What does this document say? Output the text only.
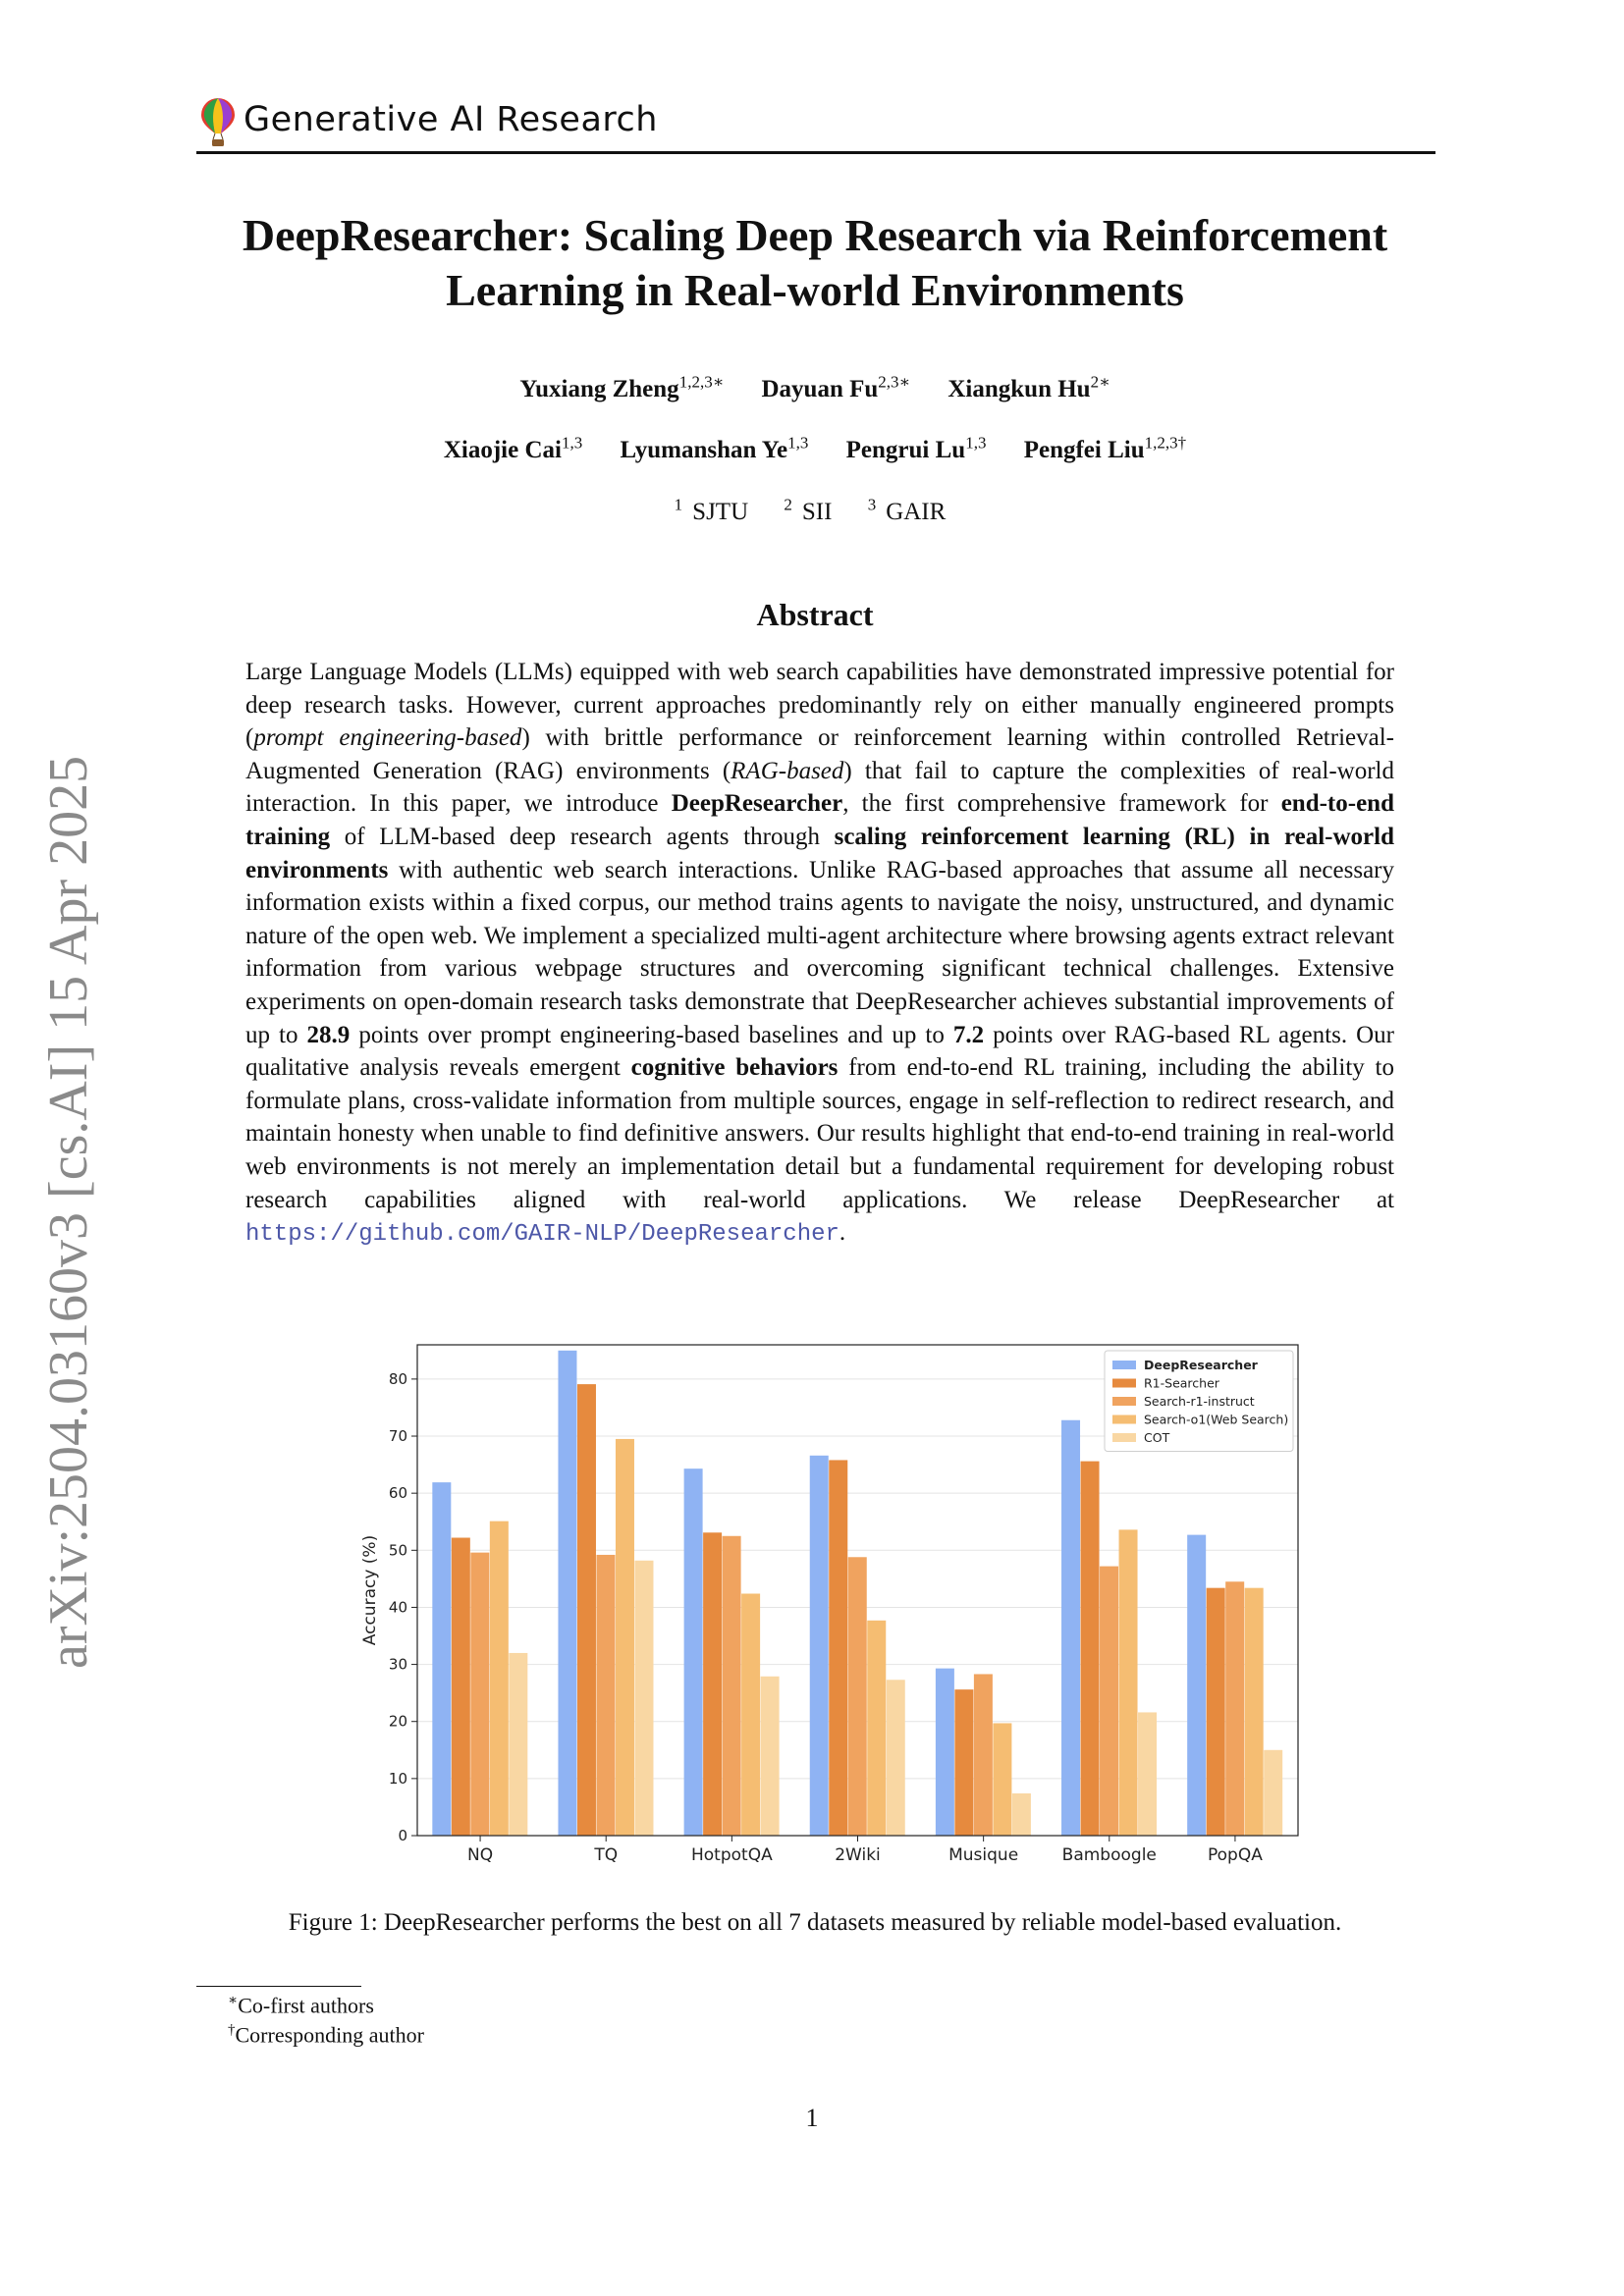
Generative AI Research
arXiv:2504.03160v3 [cs.AI] 15 Apr 2025
DeepResearcher: Scaling Deep Research via Reinforcement
Learning in Real-world Environments
Yuxiang Zheng$^{1,2,3∗}$ Dayuan $Fu^{2,3∗}$ Xiangkun $Hu^{2∗}$
Xiaojie Cai$^{1,3}$ Lyumanshan Ye$^{1,3}$ Pengrui Lu$^{1,3}$ Pengfei Liu$^{1,2,3\dagger}$
$^1$ SJTU $^2$ SII $^3$ GAIR
Abstract
Large Language Models (LLMs) equipped with web search capabilities have demonstrated impressive potential for deep research tasks. However, current approaches predominantly rely on either manually engineered prompts (prompt engineering-based) with brittle performance or reinforcement learning within controlled Retrieval-Augmented Generation (RAG) environments (RAG-based) that fail to capture the complexities of real-world interaction. In this paper, we introduce DeepResearcher, the first comprehensive framework for end-to-end training of LLM-based deep research agents through scaling reinforcement learning (RL) in real-world environments with authentic web search interactions. Unlike RAG-based approaches that assume all necessary information exists within a fixed corpus, our method trains agents to navigate the noisy, unstructured, and dynamic nature of the open web. We implement a specialized multi-agent architecture where browsing agents extract relevant information from various webpage structures and overcoming significant technical challenges. Extensive experiments on open-domain research tasks demonstrate that DeepResearcher achieves substantial improvements of up to 28.9 points over prompt engineering-based baselines and up to 7.2 points over RAG-based RL agents. Our qualitative analysis reveals emergent cognitive behaviors from end-to-end RL training, including the ability to formulate plans, cross-validate information from multiple sources, engage in self-reflection to redirect research, and maintain honesty when unable to find definitive answers. Our results highlight that end-to-end training in real-world web environments is not merely an implementation detail but a fundamental requirement for developing robust research capabilities aligned with real-world applications. We release DeepResearcher at https://github.com/GAIR-NLP/DeepResearcher.
0
10
20
30
40
50
60
70
80
NQ	TQ	HotpotQA	2Wiki	Musique	Bamboogle	PopQA
Accuracy (%)
DeepResearcher
R1-Searcher
Search-r1-instruct
Search-o1(Web Search)
COT
Figure 1: DeepResearcher performs the best on all 7 datasets measured by reliable model-based evaluation.
∗Co-first authors
†Corresponding author
1
